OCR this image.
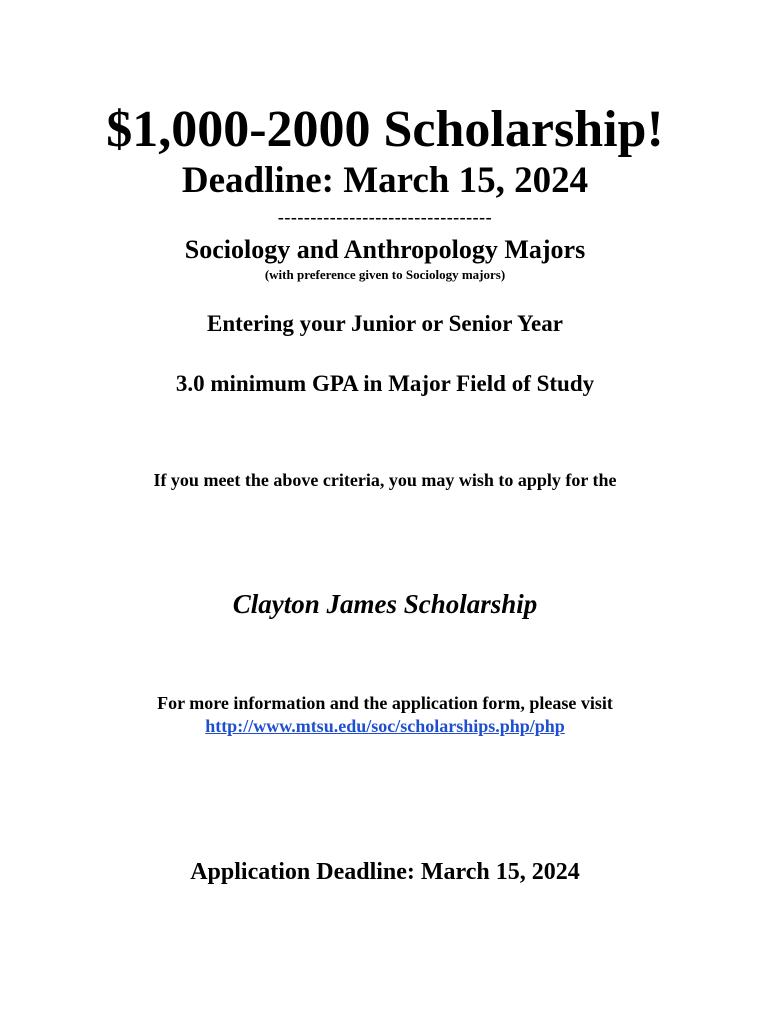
$1,000-2000 Scholarship!
Deadline: March 15, 2024
---------------------------------
Sociology and Anthropology Majors
(with preference given to Sociology majors)
Entering your Junior or Senior Year
3.0 minimum GPA in Major Field of Study
If you meet the above criteria, you may wish to apply for the
Clayton James Scholarship
For more information and the application form, please visit
http://www.mtsu.edu/soc/scholarships.php/php
Application Deadline: March 15, 2024
